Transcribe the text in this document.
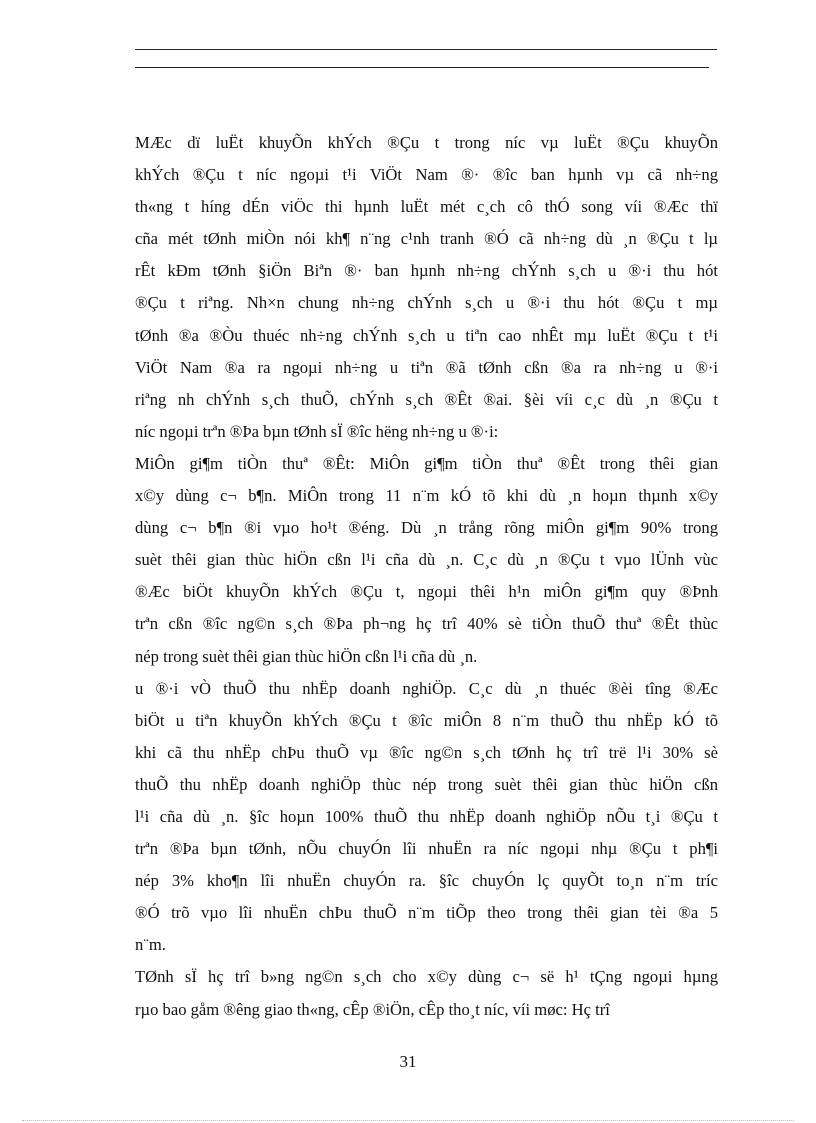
MÆc dï luËt khuyÕn khÝch ®Çu t trong níc vµ luËt ®Çu khuyÕn
khÝch ®Çu t níc ngoµi t¹i ViÖt Nam ®· ®îc ban hµnh vµ cã nh÷ng
th«ng t híng dÉn viÖc thi hµnh luËt mét c¸ch cô thÓ song víi ®Æc thï
cña mét tØnh miÒn nói kh¶ n¨ng c¹nh tranh ®Ó cã nh÷ng dù ¸n ®Çu t lµ
rÊt kÐm tØnh §iÖn Biªn ®· ban hµnh nh÷ng chÝnh s¸ch u ®·i thu hót
®Çu t riªng. Nh×n chung nh÷ng chÝnh s¸ch u ®·i thu hót ®Çu t mµ
tØnh ®a ®Òu thuéc nh÷ng chÝnh s¸ch u tiªn cao nhÊt mµ luËt ®Çu t t¹i
ViÖt Nam ®a ra ngoµi nh÷ng u tiªn ®ã tØnh cßn ®a ra nh÷ng u ®·i
riªng nh chÝnh s¸ch thuÕ, chÝnh s¸ch ®Êt ®ai. §èi víi c¸c dù ¸n ®Çu t
níc ngoµi trªn ®Þa bµn tØnh sÏ ®îc hëng nh÷ng u ®·i:
MiÔn gi¶m tiÒn thuª ®Êt: MiÔn gi¶m tiÒn thuª ®Êt trong thêi gian
x©y dùng c¬ b¶n. MiÔn trong 11 n¨m kÓ tõ khi dù ¸n hoµn thµnh x©y
dùng c¬ b¶n ®i vµo ho¹t ®éng. Dù ¸n trång rõng miÔn gi¶m 90% trong
suèt thêi gian thùc hiÖn cßn l¹i cña dù ¸n. C¸c dù ¸n ®Çu t vµo lÜnh vùc
®Æc biÖt khuyÕn khÝch ®Çu t, ngoµi thêi h¹n miÔn gi¶m quy ®Þnh
trªn cßn ®îc ng©n s¸ch ®Þa ph¬ng hç trî 40% sè tiÒn thuÕ thuª ®Êt thùc
nép trong suèt thêi gian thùc hiÖn cßn l¹i cña dù ¸n.
u ®·i vÒ thuÕ thu nhËp doanh nghiÖp. C¸c dù ¸n thuéc ®èi tîng ®Æc
biÖt u tiªn khuyÕn khÝch ®Çu t ®îc miÔn 8 n¨m thuÕ thu nhËp kÓ tõ
khi cã thu nhËp chÞu thuÕ vµ ®îc ng©n s¸ch tØnh hç trî trë l¹i 30% sè
thuÕ thu nhËp doanh nghiÖp thùc nép trong suèt thêi gian thùc hiÖn cßn
l¹i cña dù ¸n. §îc hoµn 100% thuÕ thu nhËp doanh nghiÖp nÕu t¸i ®Çu t
trªn ®Þa bµn tØnh, nÕu chuyÓn lîi nhuËn ra níc ngoµi nhµ ®Çu t ph¶i
nép 3% kho¶n lîi nhuËn chuyÓn ra. §îc chuyÓn lç quyÕt to¸n n¨m tríc
®Ó trõ vµo lîi nhuËn chÞu thuÕ n¨m tiÕp theo trong thêi gian tèi ®a 5
n¨m.
TØnh sÏ hç trî b»ng ng©n s¸ch cho x©y dùng c¬ së h¹ tÇng ngoµi hµng
rµo bao gåm ®êng giao th«ng, cÊp ®iÖn, cÊp tho¸t níc, víi møc: Hç trî
31
